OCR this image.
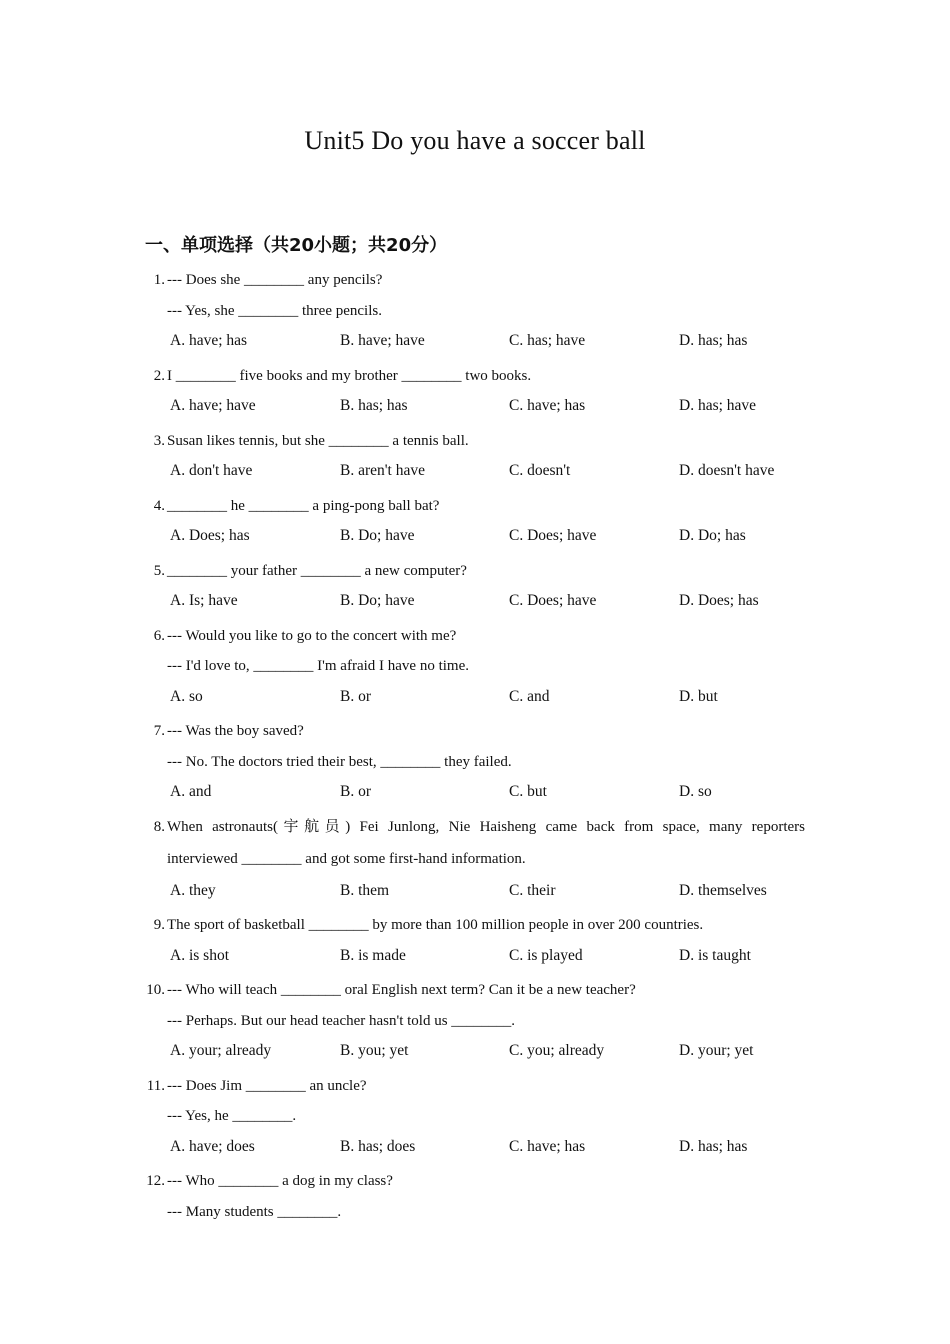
Unit5 Do you have a soccer ball
一、单项选择（共20小题；共20分）
1. --- Does she ________ any pencils?
--- Yes, she ________ three pencils.
A. have; has	B. have; have	C. has; have	D. has; has
2. I ________ five books and my brother ________ two books.
A. have; have	B. has; has	C. have; has	D. has; have
3. Susan likes tennis, but she ________ a tennis ball.
A. don't have	B. aren't have	C. doesn't	D. doesn't have
4. ________ he ________ a ping-pong ball bat?
A. Does; has	B. Do; have	C. Does; have	D. Do; has
5. ________ your father ________ a new computer?
A. Is; have	B. Do; have	C. Does; have	D. Does; has
6. --- Would you like to go to the concert with me?
--- I'd love to, ________ I'm afraid I have no time.
A. so	B. or	C. and	D. but
7. --- Was the boy saved?
--- No. The doctors tried their best, ________ they failed.
A. and	B. or	C. but	D. so
8. When astronauts(宇航员) Fei Junlong, Nie Haisheng came back from space, many reporters
interviewed ________ and got some first-hand information.
A. they	B. them	C. their	D. themselves
9. The sport of basketball ________ by more than 100 million people in over 200 countries.
A. is shot	B. is made	C. is played	D. is taught
10. --- Who will teach ________ oral English next term? Can it be a new teacher?
--- Perhaps. But our head teacher hasn't told us ________.
A. your; already	B. you; yet	C. you; already	D. your; yet
11. --- Does Jim ________ an uncle?
--- Yes, he ________.
A. have; does	B. has; does	C. have; has	D. has; has
12. --- Who ________ a dog in my class?
--- Many students ________.
